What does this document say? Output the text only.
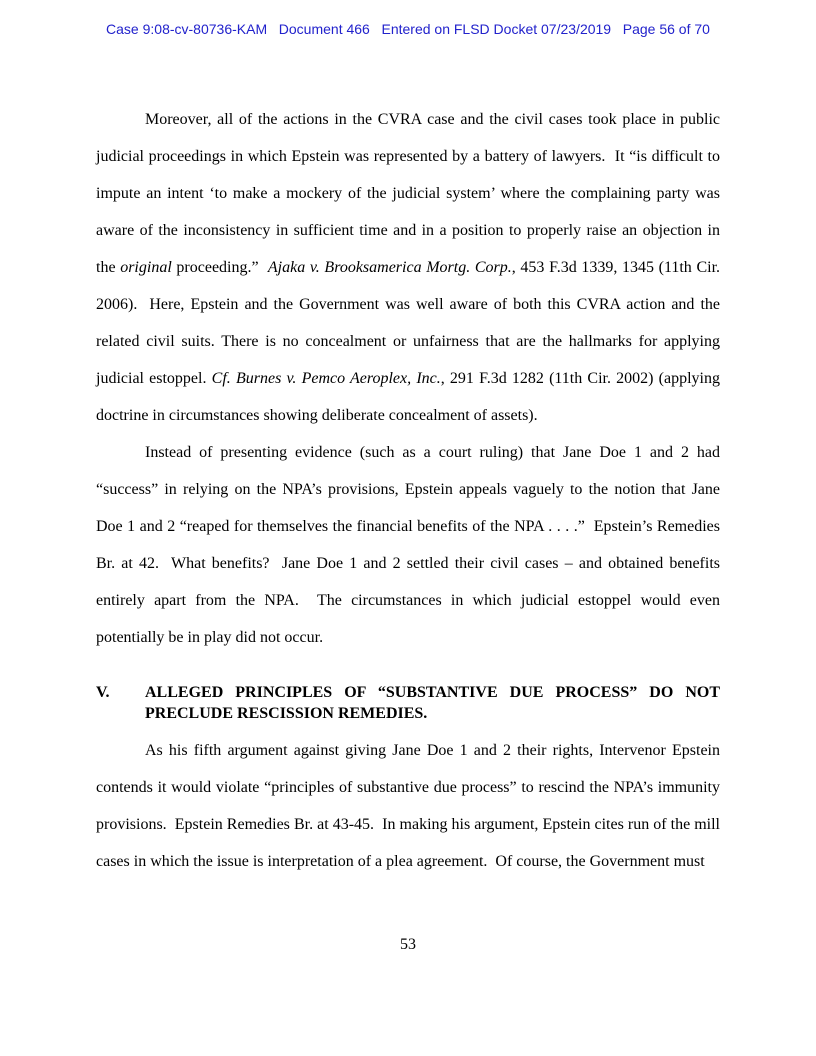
Case 9:08-cv-80736-KAM   Document 466   Entered on FLSD Docket 07/23/2019   Page 56 of 70

Moreover, all of the actions in the CVRA case and the civil cases took place in public judicial proceedings in which Epstein was represented by a battery of lawyers.  It “is difficult to impute an intent ‘to make a mockery of the judicial system’ where the complaining party was aware of the inconsistency in sufficient time and in a position to properly raise an objection in the original proceeding.”  Ajaka v. Brooksamerica Mortg. Corp., 453 F.3d 1339, 1345 (11th Cir. 2006).  Here, Epstein and the Government was well aware of both this CVRA action and the related civil suits. There is no concealment or unfairness that are the hallmarks for applying judicial estoppel. Cf. Burnes v. Pemco Aeroplex, Inc., 291 F.3d 1282 (11th Cir. 2002) (applying doctrine in circumstances showing deliberate concealment of assets).

Instead of presenting evidence (such as a court ruling) that Jane Doe 1 and 2 had “success” in relying on the NPA’s provisions, Epstein appeals vaguely to the notion that Jane Doe 1 and 2 “reaped for themselves the financial benefits of the NPA . . . .”  Epstein’s Remedies Br. at 42.  What benefits?  Jane Doe 1 and 2 settled their civil cases – and obtained benefits entirely apart from the NPA.  The circumstances in which judicial estoppel would even potentially be in play did not occur.

V.	ALLEGED PRINCIPLES OF “SUBSTANTIVE DUE PROCESS” DO NOT PRECLUDE RESCISSION REMEDIES.

As his fifth argument against giving Jane Doe 1 and 2 their rights, Intervenor Epstein contends it would violate “principles of substantive due process” to rescind the NPA’s immunity provisions.  Epstein Remedies Br. at 43-45.  In making his argument, Epstein cites run of the mill cases in which the issue is interpretation of a plea agreement.  Of course, the Government must

53
